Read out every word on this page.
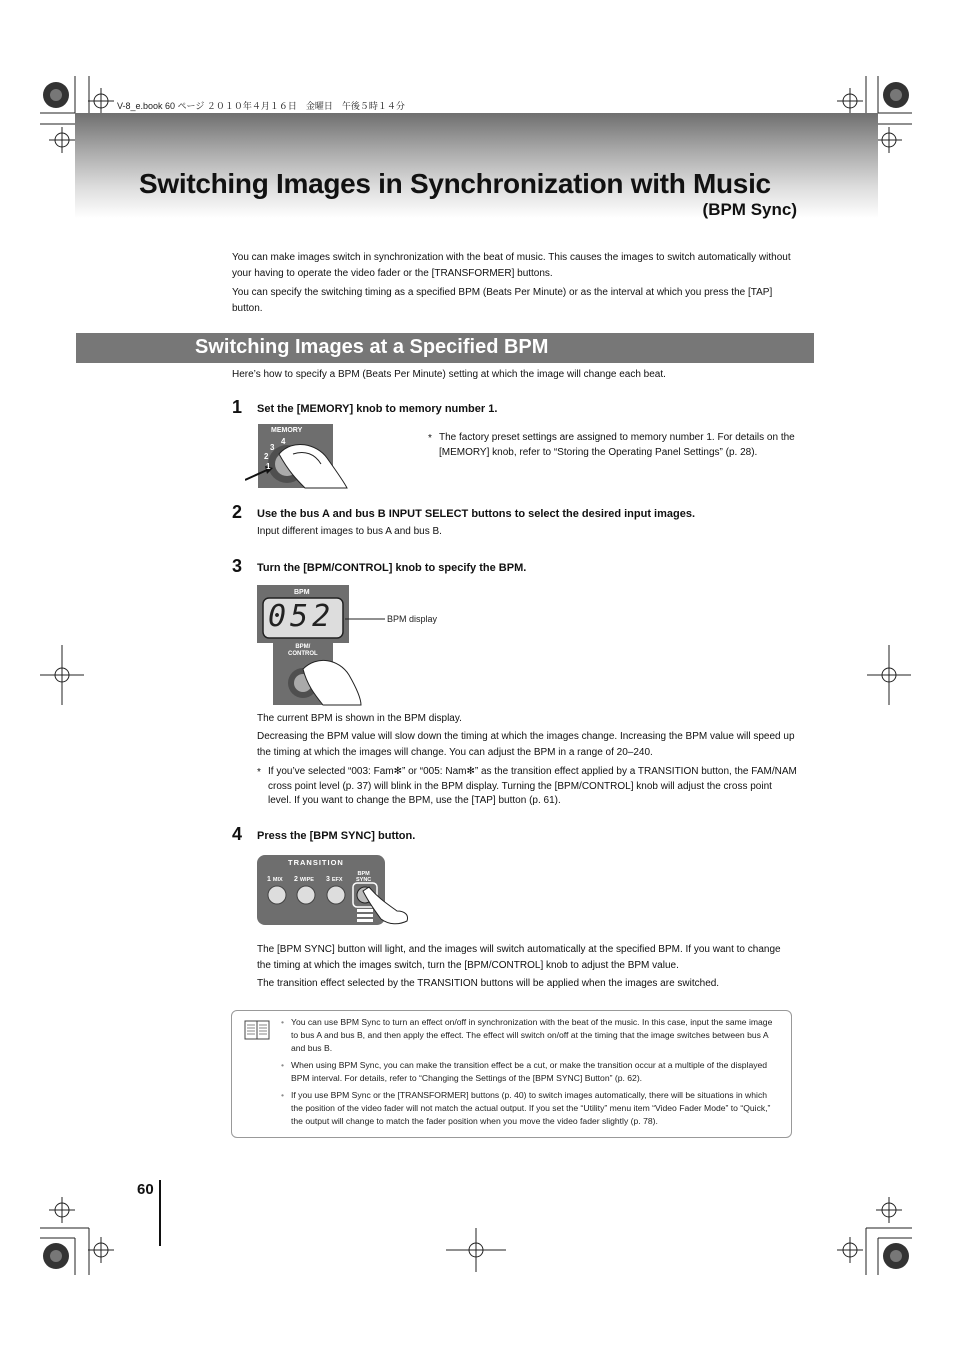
V-8_e.book 60 ページ ２０１０年４月１６日　金曜日　午後５時１４分
Switching Images in Synchronization with Music
(BPM Sync)
You can make images switch in synchronization with the beat of music. This causes the images to switch automatically without your having to operate the video fader or the [TRANSFORMER] buttons.
You can specify the switching timing as a specified BPM (Beats Per Minute) or as the interval at which you press the [TAP] button.
Switching Images at a Specified BPM
Here’s how to specify a BPM (Beats Per Minute) setting at which the image will change each beat.
1 Set the [MEMORY] knob to memory number 1.
MEMORY
4
3
2
1
* The factory preset settings are assigned to memory number 1. For details on the [MEMORY] knob, refer to “Storing the Operating Panel Settings” (p. 28).
2 Use the bus A and bus B INPUT SELECT buttons to select the desired input images.
Input different images to bus A and bus B.
3 Turn the [BPM/CONTROL] knob to specify the BPM.
BPM
052	BPM display
BPM/
CONTROL
The current BPM is shown in the BPM display.
Decreasing the BPM value will slow down the timing at which the images change. Increasing the BPM value will speed up the timing at which the images will change. You can adjust the BPM in a range of 20–240.
* If you’ve selected “003: Fam✻” or “005: Nam✻” as the transition effect applied by a TRANSITION button, the FAM/NAM cross point level (p. 37) will blink in the BPM display. Turning the [BPM/CONTROL] knob will adjust the cross point level. If you want to change the BPM, use the [TAP] button (p. 61).
4 Press the [BPM SYNC] button.
TRANSITION
1 MIX 2 WIPE 3 EFX
BPM
SYNC
The [BPM SYNC] button will light, and the images will switch automatically at the specified BPM. If you want to change the timing at which the images switch, turn the [BPM/CONTROL] knob to adjust the BPM value.
The transition effect selected by the TRANSITION buttons will be applied when the images are switched.
• You can use BPM Sync to turn an effect on/off in synchronization with the beat of the music. In this case, input the same image to bus A and bus B, and then apply the effect. The effect will switch on/off at the timing that the image switches between bus A and bus B.
• When using BPM Sync, you can make the transition effect be a cut, or make the transition occur at a multiple of the displayed BPM interval. For details, refer to “Changing the Settings of the [BPM SYNC] Button” (p. 62).
• If you use BPM Sync or the [TRANSFORMER] buttons (p. 40) to switch images automatically, there will be situations in which the position of the video fader will not match the actual output. If you set the “Utility” menu item “Video Fader Mode” to “Quick,” the output will change to match the fader position when you move the video fader slightly (p. 78).
60
